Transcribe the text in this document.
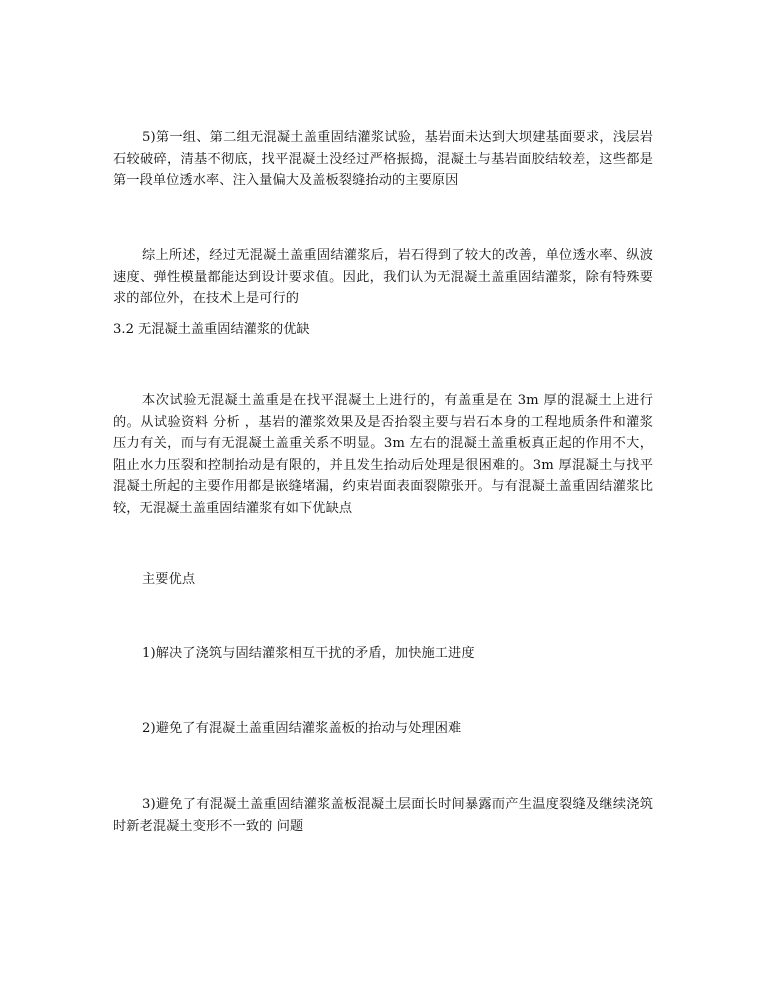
5)第一组、第二组无混凝土盖重固结灌浆试验，基岩面未达到大坝建基面要求，浅层岩石较破碎，清基不彻底，找平混凝土没经过严格振捣，混凝土与基岩面胶结较差，这些都是第一段单位透水率、注入量偏大及盖板裂缝抬动的主要原因

综上所述，经过无混凝土盖重固结灌浆后，岩石得到了较大的改善，单位透水率、纵波速度、弹性模量都能达到设计要求值。因此，我们认为无混凝土盖重固结灌浆，除有特殊要求的部位外，在技术上是可行的

3.2 无混凝土盖重固结灌浆的优缺

本次试验无混凝土盖重是在找平混凝土上进行的，有盖重是在 3m 厚的混凝土上进行的。从试验资料 分析 ，基岩的灌浆效果及是否抬裂主要与岩石本身的工程地质条件和灌浆压力有关，而与有无混凝土盖重关系不明显。3m 左右的混凝土盖重板真正起的作用不大，阻止水力压裂和控制抬动是有限的，并且发生抬动后处理是很困难的。3m 厚混凝土与找平混凝土所起的主要作用都是嵌缝堵漏，约束岩面表面裂隙张开。与有混凝土盖重固结灌浆比较，无混凝土盖重固结灌浆有如下优缺点

主要优点

1)解决了浇筑与固结灌浆相互干扰的矛盾，加快施工进度

2)避免了有混凝土盖重固结灌浆盖板的抬动与处理困难

3)避免了有混凝土盖重固结灌浆盖板混凝土层面长时间暴露而产生温度裂缝及继续浇筑时新老混凝土变形不一致的 问题
